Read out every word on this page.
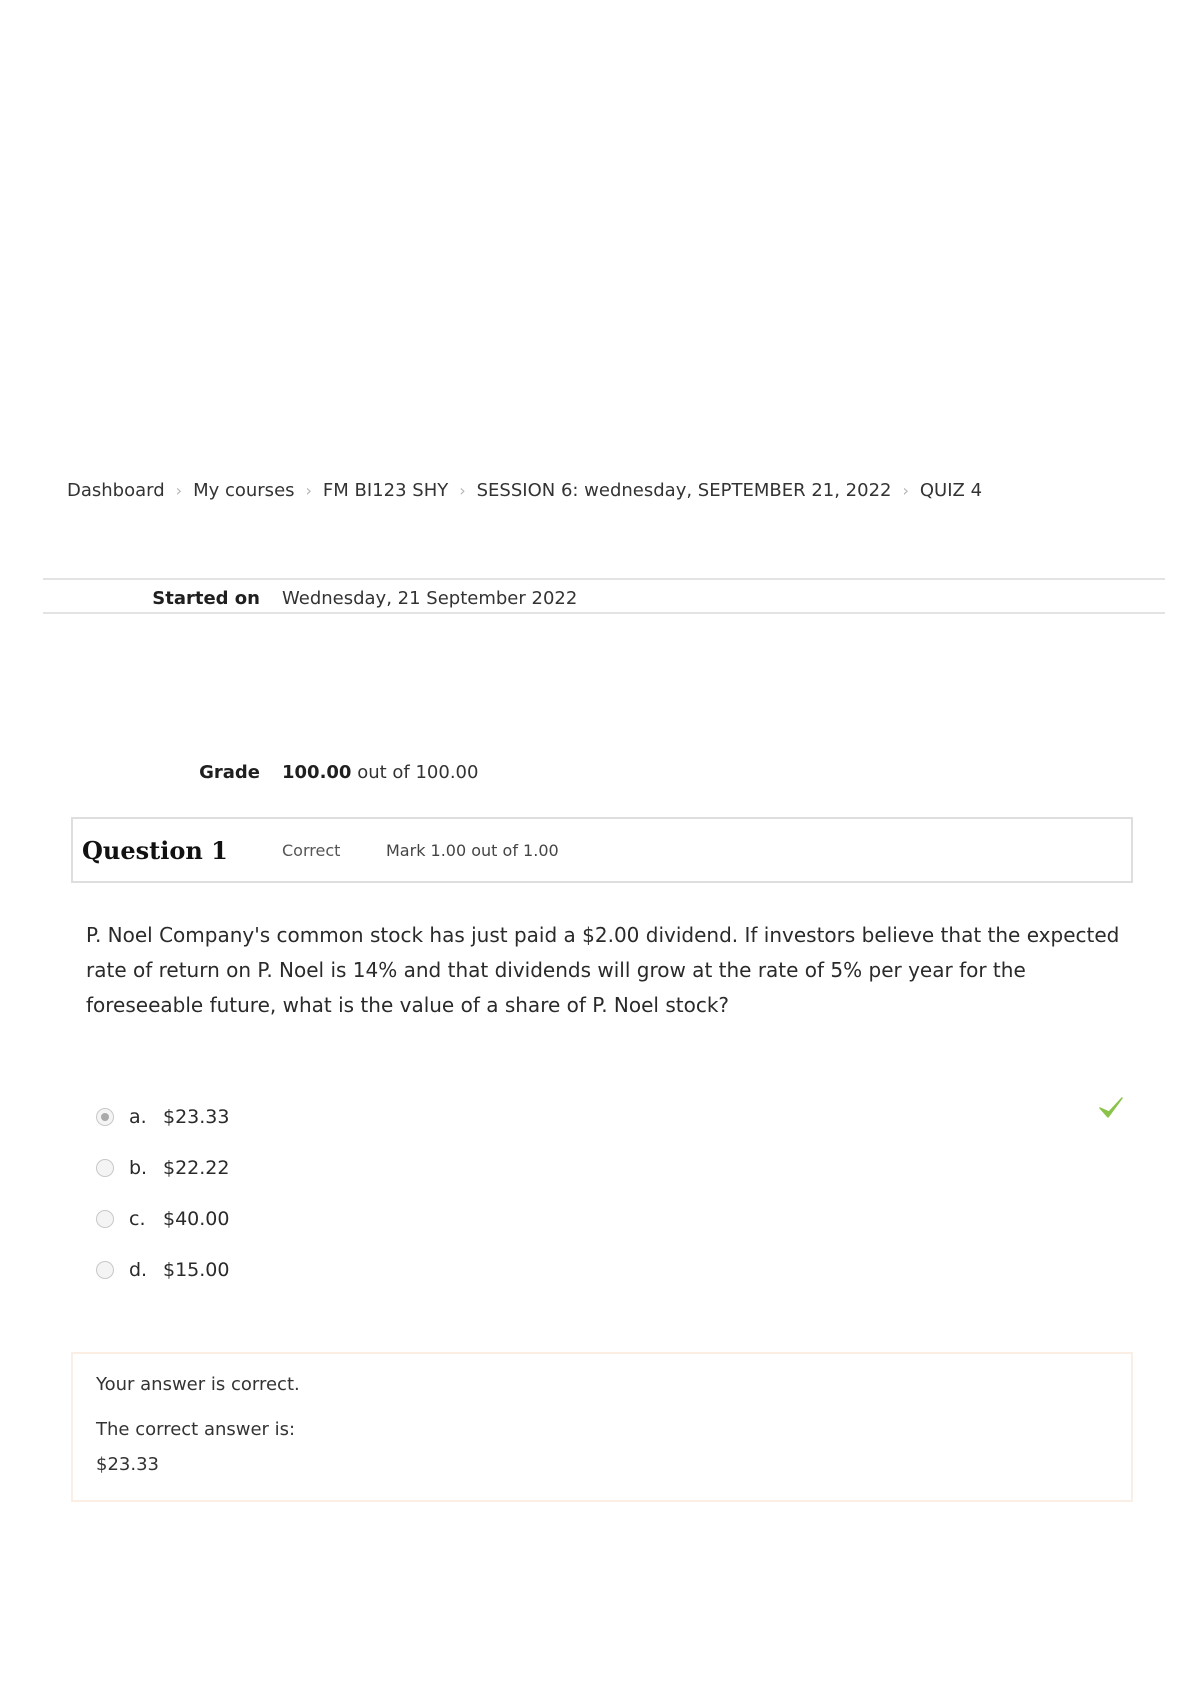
Dashboard › My courses › FM BI123 SHY › SESSION 6: wednesday, SEPTEMBER 21, 2022 › QUIZ 4
Started on Wednesday, 21 September 2022
Grade 100.00 out of 100.00
Question 1	Correct	Mark 1.00 out of 1.00
P. Noel Company's common stock has just paid a $2.00 dividend. If investors believe that the expected rate of return on P. Noel is 14% and that dividends will grow at the rate of 5% per year for the foreseeable future, what is the value of a share of P. Noel stock?
a. $23.33
b. $22.22
c. $40.00
d. $15.00
Your answer is correct.
The correct answer is:
$23.33
